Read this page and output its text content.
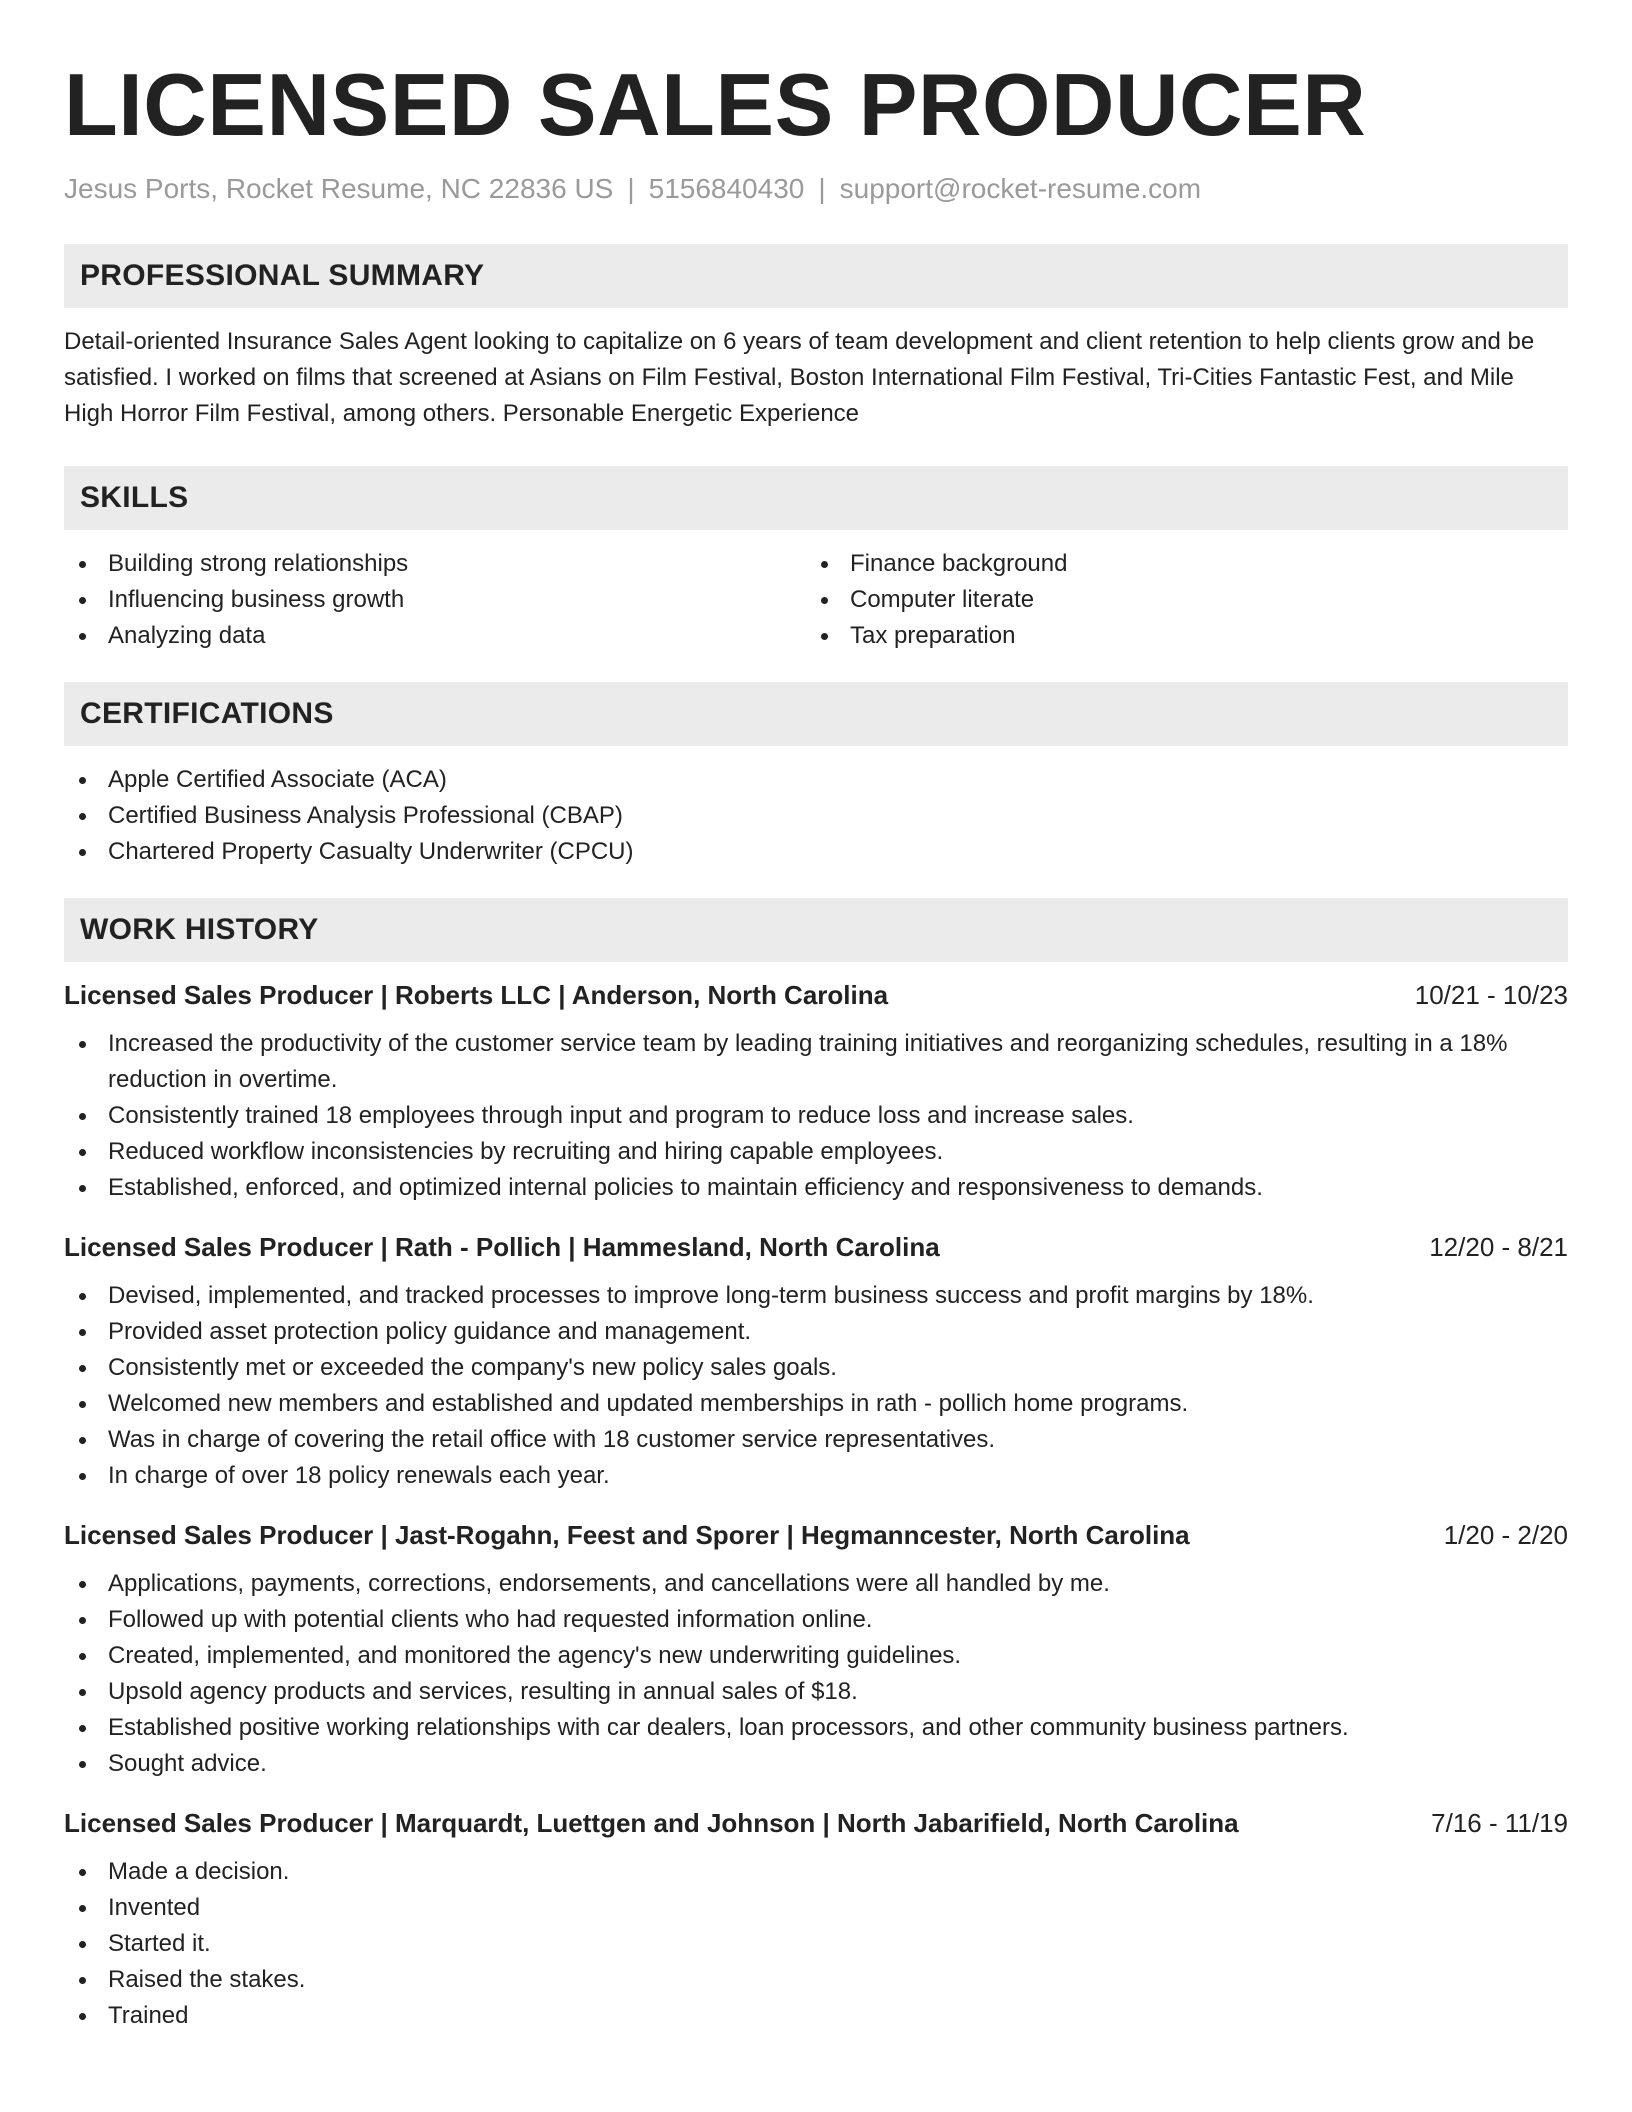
LICENSED SALES PRODUCER
Jesus Ports, Rocket Resume, NC 22836 US | 5156840430 | support@rocket-resume.com
PROFESSIONAL SUMMARY

Detail-oriented Insurance Sales Agent looking to capitalize on 6 years of team development and client retention to help clients grow and be satisfied. I worked on films that screened at Asians on Film Festival, Boston International Film Festival, Tri-Cities Fantastic Fest, and Mile High Horror Film Festival, among others. Personable Energetic Experience

SKILLS
Building strong relationships
Influencing business growth
Analyzing data
Finance background
Computer literate
Tax preparation
CERTIFICATIONS
Apple Certified Associate (ACA)
Certified Business Analysis Professional (CBAP)
Chartered Property Casualty Underwriter (CPCU)
WORK HISTORY
Licensed Sales Producer | Roberts LLC | Anderson, North Carolina	10/21 - 10/23
Increased the productivity of the customer service team by leading training initiatives and reorganizing schedules, resulting in a 18% reduction in overtime.
Consistently trained 18 employees through input and program to reduce loss and increase sales.
Reduced workflow inconsistencies by recruiting and hiring capable employees.
Established, enforced, and optimized internal policies to maintain efficiency and responsiveness to demands.
Licensed Sales Producer | Rath - Pollich | Hammesland, North Carolina	12/20 - 8/21
Devised, implemented, and tracked processes to improve long-term business success and profit margins by 18%.
Provided asset protection policy guidance and management.
Consistently met or exceeded the company's new policy sales goals.
Welcomed new members and established and updated memberships in rath - pollich home programs.
Was in charge of covering the retail office with 18 customer service representatives.
In charge of over 18 policy renewals each year.
Licensed Sales Producer | Jast-Rogahn, Feest and Sporer | Hegmanncester, North Carolina	1/20 - 2/20
Applications, payments, corrections, endorsements, and cancellations were all handled by me.
Followed up with potential clients who had requested information online.
Created, implemented, and monitored the agency's new underwriting guidelines.
Upsold agency products and services, resulting in annual sales of $18.
Established positive working relationships with car dealers, loan processors, and other community business partners.
Sought advice.
Licensed Sales Producer | Marquardt, Luettgen and Johnson | North Jabarifield, North Carolina	7/16 - 11/19
Made a decision.
Invented
Started it.
Raised the stakes.
Trained
